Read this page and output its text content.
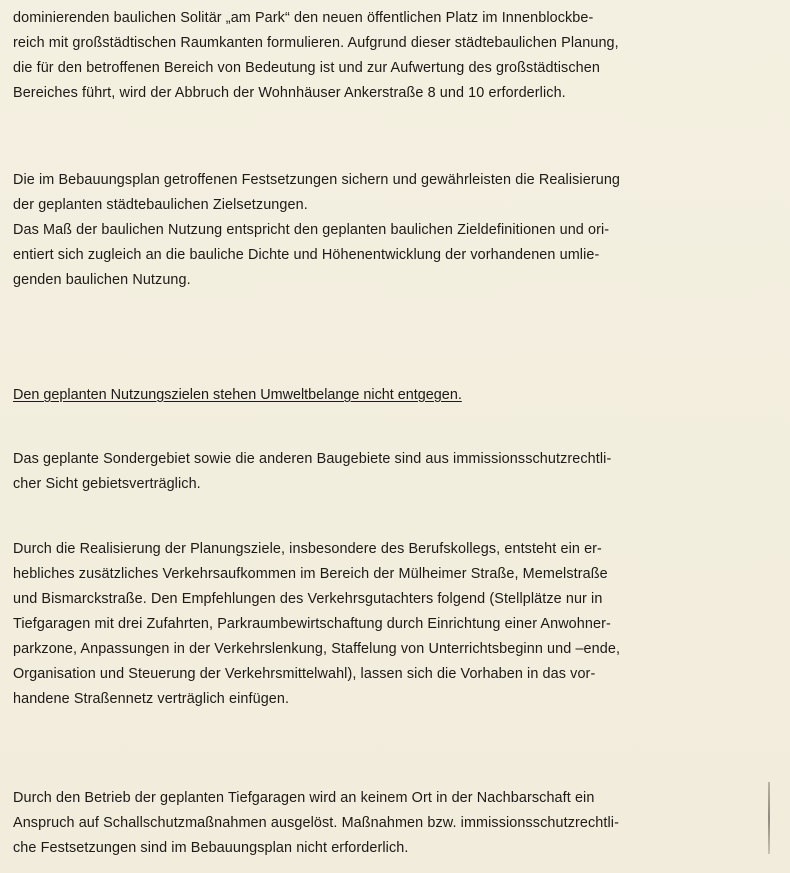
dominierenden baulichen Solitär „am Park“ den neuen öffentlichen Platz im Innenblockbe-
reich mit großstädtischen Raumkanten formulieren. Aufgrund dieser städtebaulichen Planung,
die für den betroffenen Bereich von Bedeutung ist und zur Aufwertung des großstädtischen
Bereiches führt, wird der Abbruch der Wohnhäuser Ankerstraße 8 und 10 erforderlich.

Die im Bebauungsplan getroffenen Festsetzungen sichern und gewährleisten die Realisierung
der geplanten städtebaulichen Zielsetzungen.
Das Maß der baulichen Nutzung entspricht den geplanten baulichen Zieldefinitionen und ori-
entiert sich zugleich an die bauliche Dichte und Höhenentwicklung der vorhandenen umlie-
genden baulichen Nutzung.

Den geplanten Nutzungszielen stehen Umweltbelange nicht entgegen.

Das geplante Sondergebiet sowie die anderen Baugebiete sind aus immissionsschutzrechtli-
cher Sicht gebietsverträglich.

Durch die Realisierung der Planungsziele, insbesondere des Berufskollegs, entsteht ein er-
hebliches zusätzliches Verkehrsaufkommen im Bereich der Mülheimer Straße, Memelstraße
und Bismarckstraße. Den Empfehlungen des Verkehrsgutachters folgend (Stellplätze nur in
Tiefgaragen mit drei Zufahrten, Parkraumbewirtschaftung durch Einrichtung einer Anwohner-
parkzone, Anpassungen in der Verkehrslenkung, Staffelung von Unterrichtsbeginn und –ende,
Organisation und Steuerung der Verkehrsmittelwahl), lassen sich die Vorhaben in das vor-
handene Straßennetz verträglich einfügen.

Durch den Betrieb der geplanten Tiefgaragen wird an keinem Ort in der Nachbarschaft ein
Anspruch auf Schallschutzmaßnahmen ausgelöst. Maßnahmen bzw. immissionsschutzrechtli-
che Festsetzungen sind im Bebauungsplan nicht erforderlich.
